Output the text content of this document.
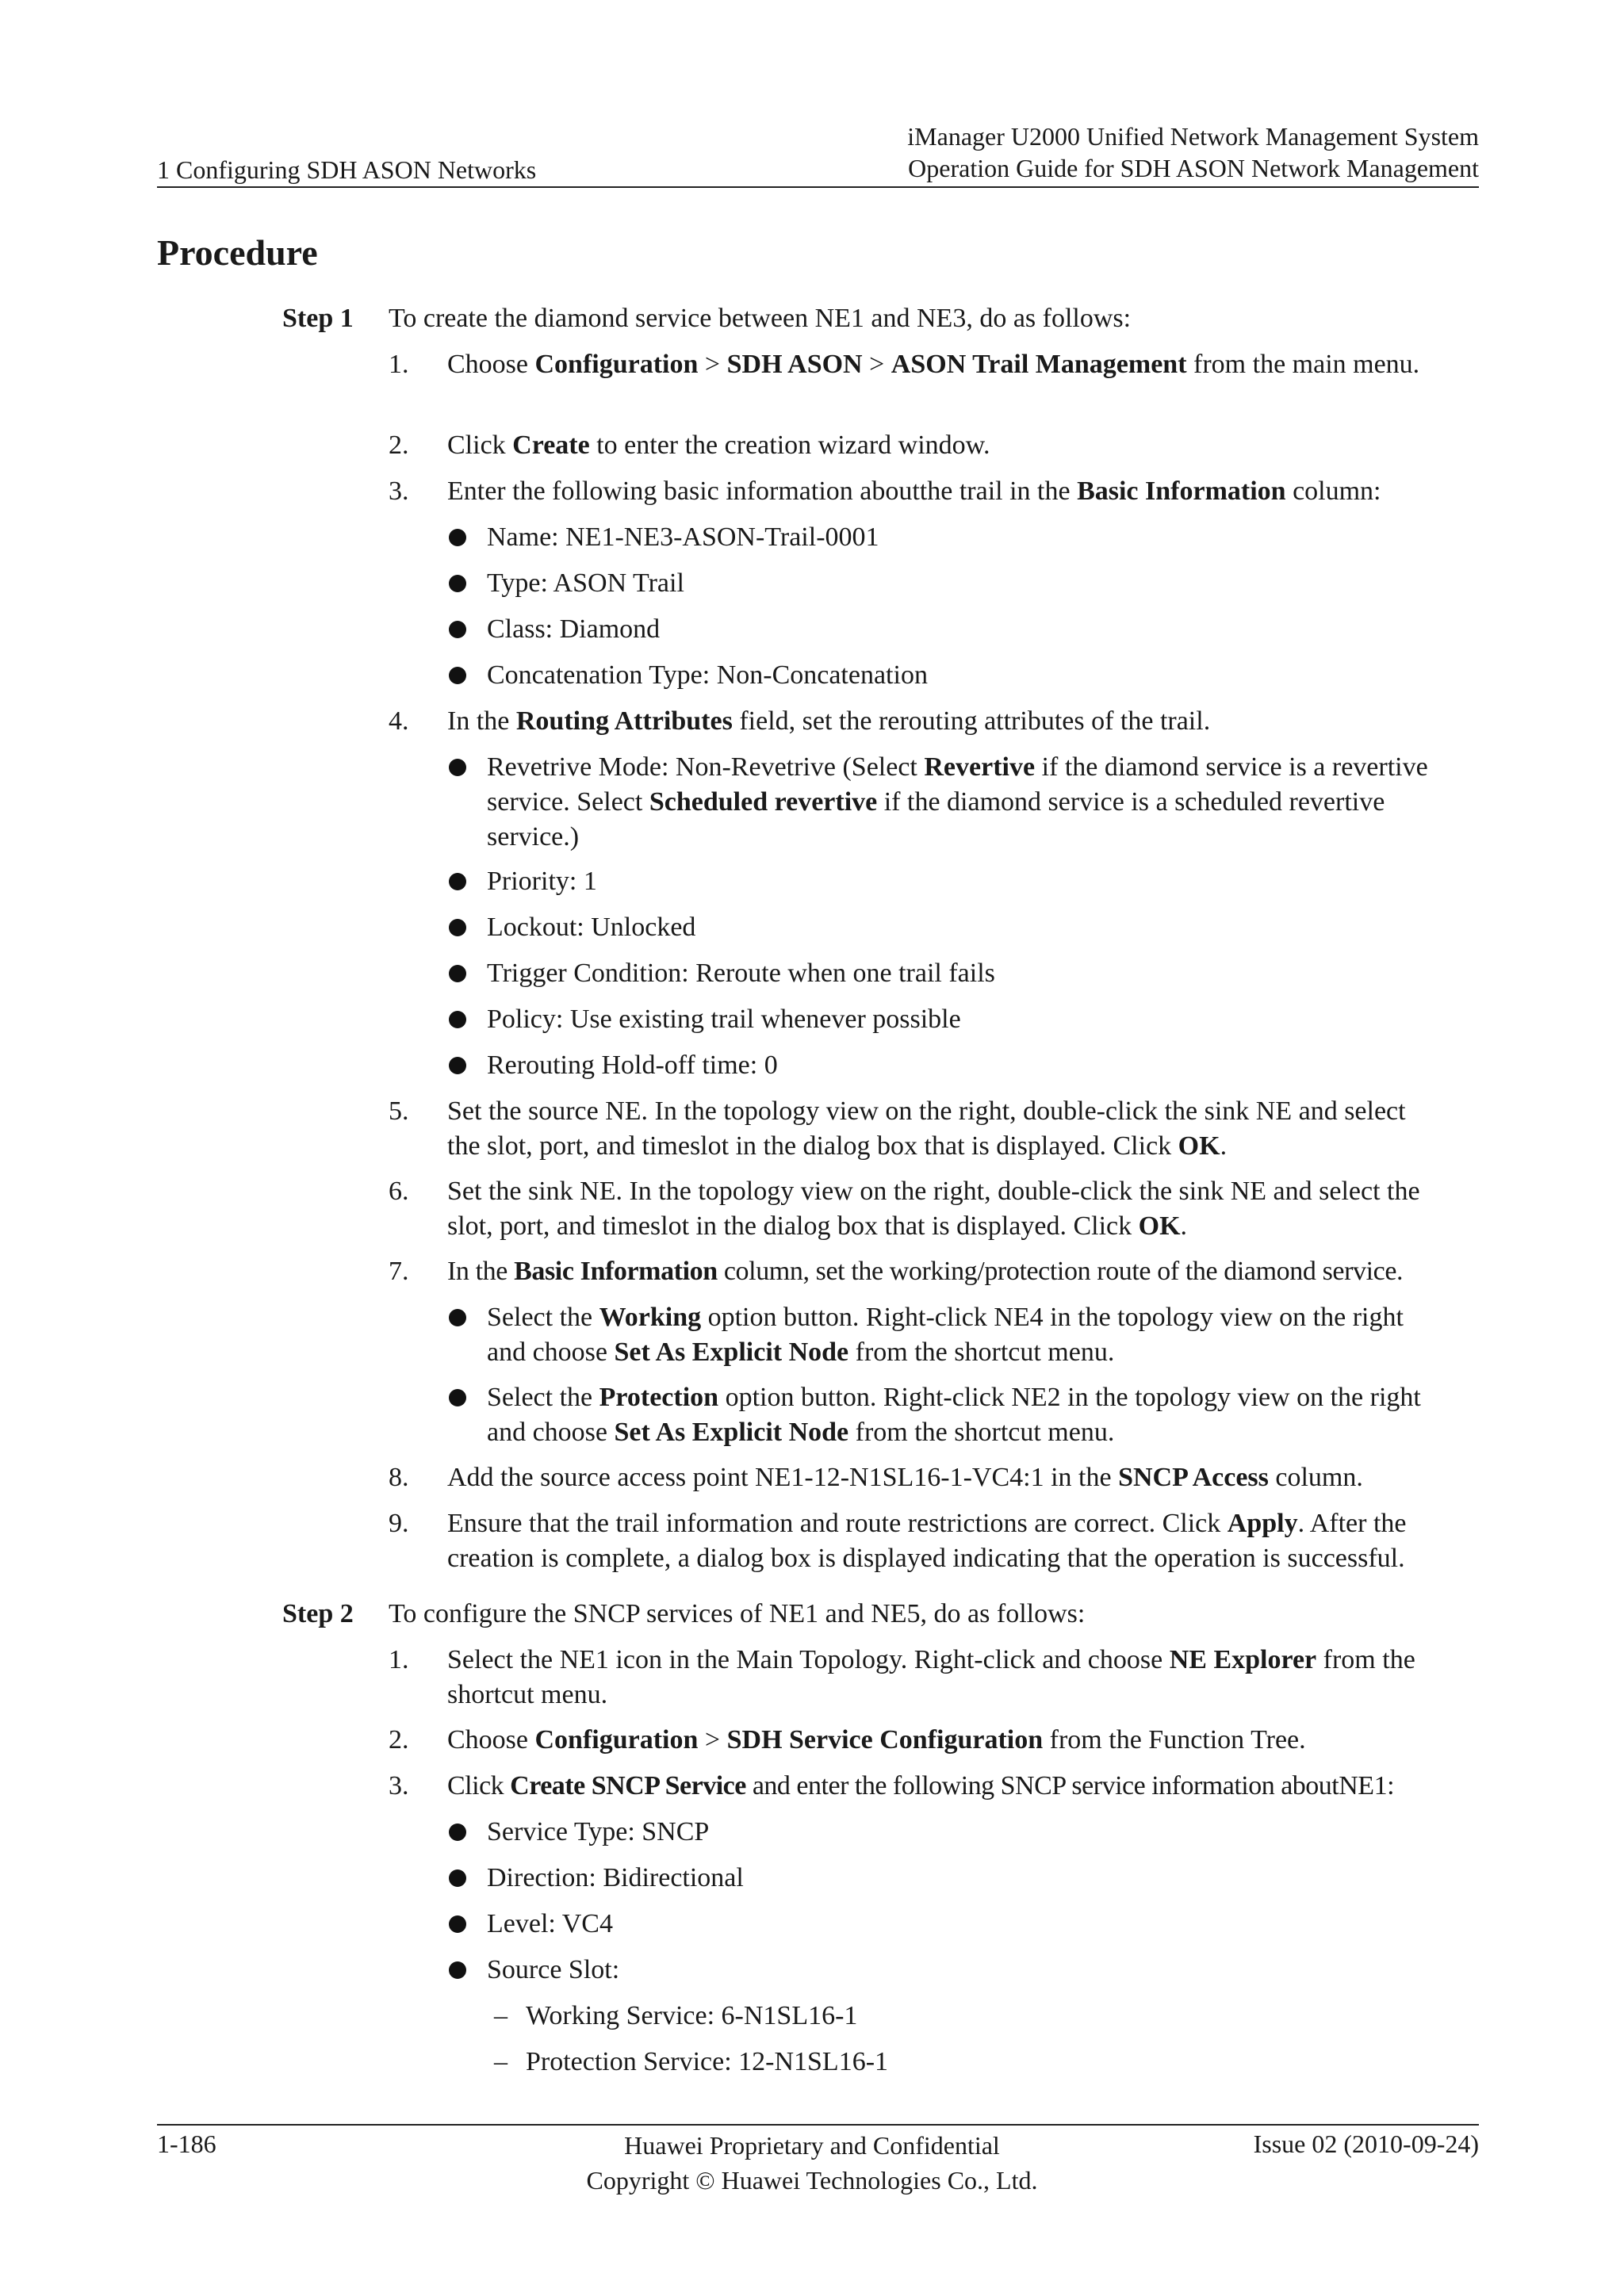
iManager U2000 Unified Network Management System
Operation Guide for SDH ASON Network Management
1 Configuring SDH ASON Networks
Procedure
Step 1	To create the diamond service between NE1 and NE3, do as follows:
1.	Choose Configuration > SDH ASON > ASON Trail Management from the main menu.
2.	Click Create to enter the creation wizard window.
3.	Enter the following basic information aboutthe trail in the Basic Information column:
Name: NE1-NE3-ASON-Trail-0001
Type: ASON Trail
Class: Diamond
Concatenation Type: Non-Concatenation
4.	In the Routing Attributes field, set the rerouting attributes of the trail.
Revetrive Mode: Non-Revetrive (Select Revertive if the diamond service is a revertive
service. Select Scheduled revertive if the diamond service is a scheduled revertive
service.)
Priority: 1
Lockout: Unlocked
Trigger Condition: Reroute when one trail fails
Policy: Use existing trail whenever possible
Rerouting Hold-off time: 0
5.	Set the source NE. In the topology view on the right, double-click the sink NE and select
the slot, port, and timeslot in the dialog box that is displayed. Click OK.
6.	Set the sink NE. In the topology view on the right, double-click the sink NE and select the
slot, port, and timeslot in the dialog box that is displayed. Click OK.
7.	In the Basic Information column, set the working/protection route of the diamond service.
Select the Working option button. Right-click NE4 in the topology view on the right
and choose Set As Explicit Node from the shortcut menu.
Select the Protection option button. Right-click NE2 in the topology view on the right
and choose Set As Explicit Node from the shortcut menu.
8.	Add the source access point NE1-12-N1SL16-1-VC4:1 in the SNCP Access column.
9.	Ensure that the trail information and route restrictions are correct. Click Apply. After the
creation is complete, a dialog box is displayed indicating that the operation is successful.
Step 2	To configure the SNCP services of NE1 and NE5, do as follows:
1.	Select the NE1 icon in the Main Topology. Right-click and choose NE Explorer from the
shortcut menu.
2.	Choose Configuration > SDH Service Configuration from the Function Tree.
3.	Click Create SNCP Service and enter the following SNCP service information aboutNE1:
Service Type: SNCP
Direction: Bidirectional
Level: VC4
Source Slot:
– Working Service: 6-N1SL16-1
– Protection Service: 12-N1SL16-1
1-186	Huawei Proprietary and Confidential
Copyright © Huawei Technologies Co., Ltd.
Issue 02 (2010-09-24)
